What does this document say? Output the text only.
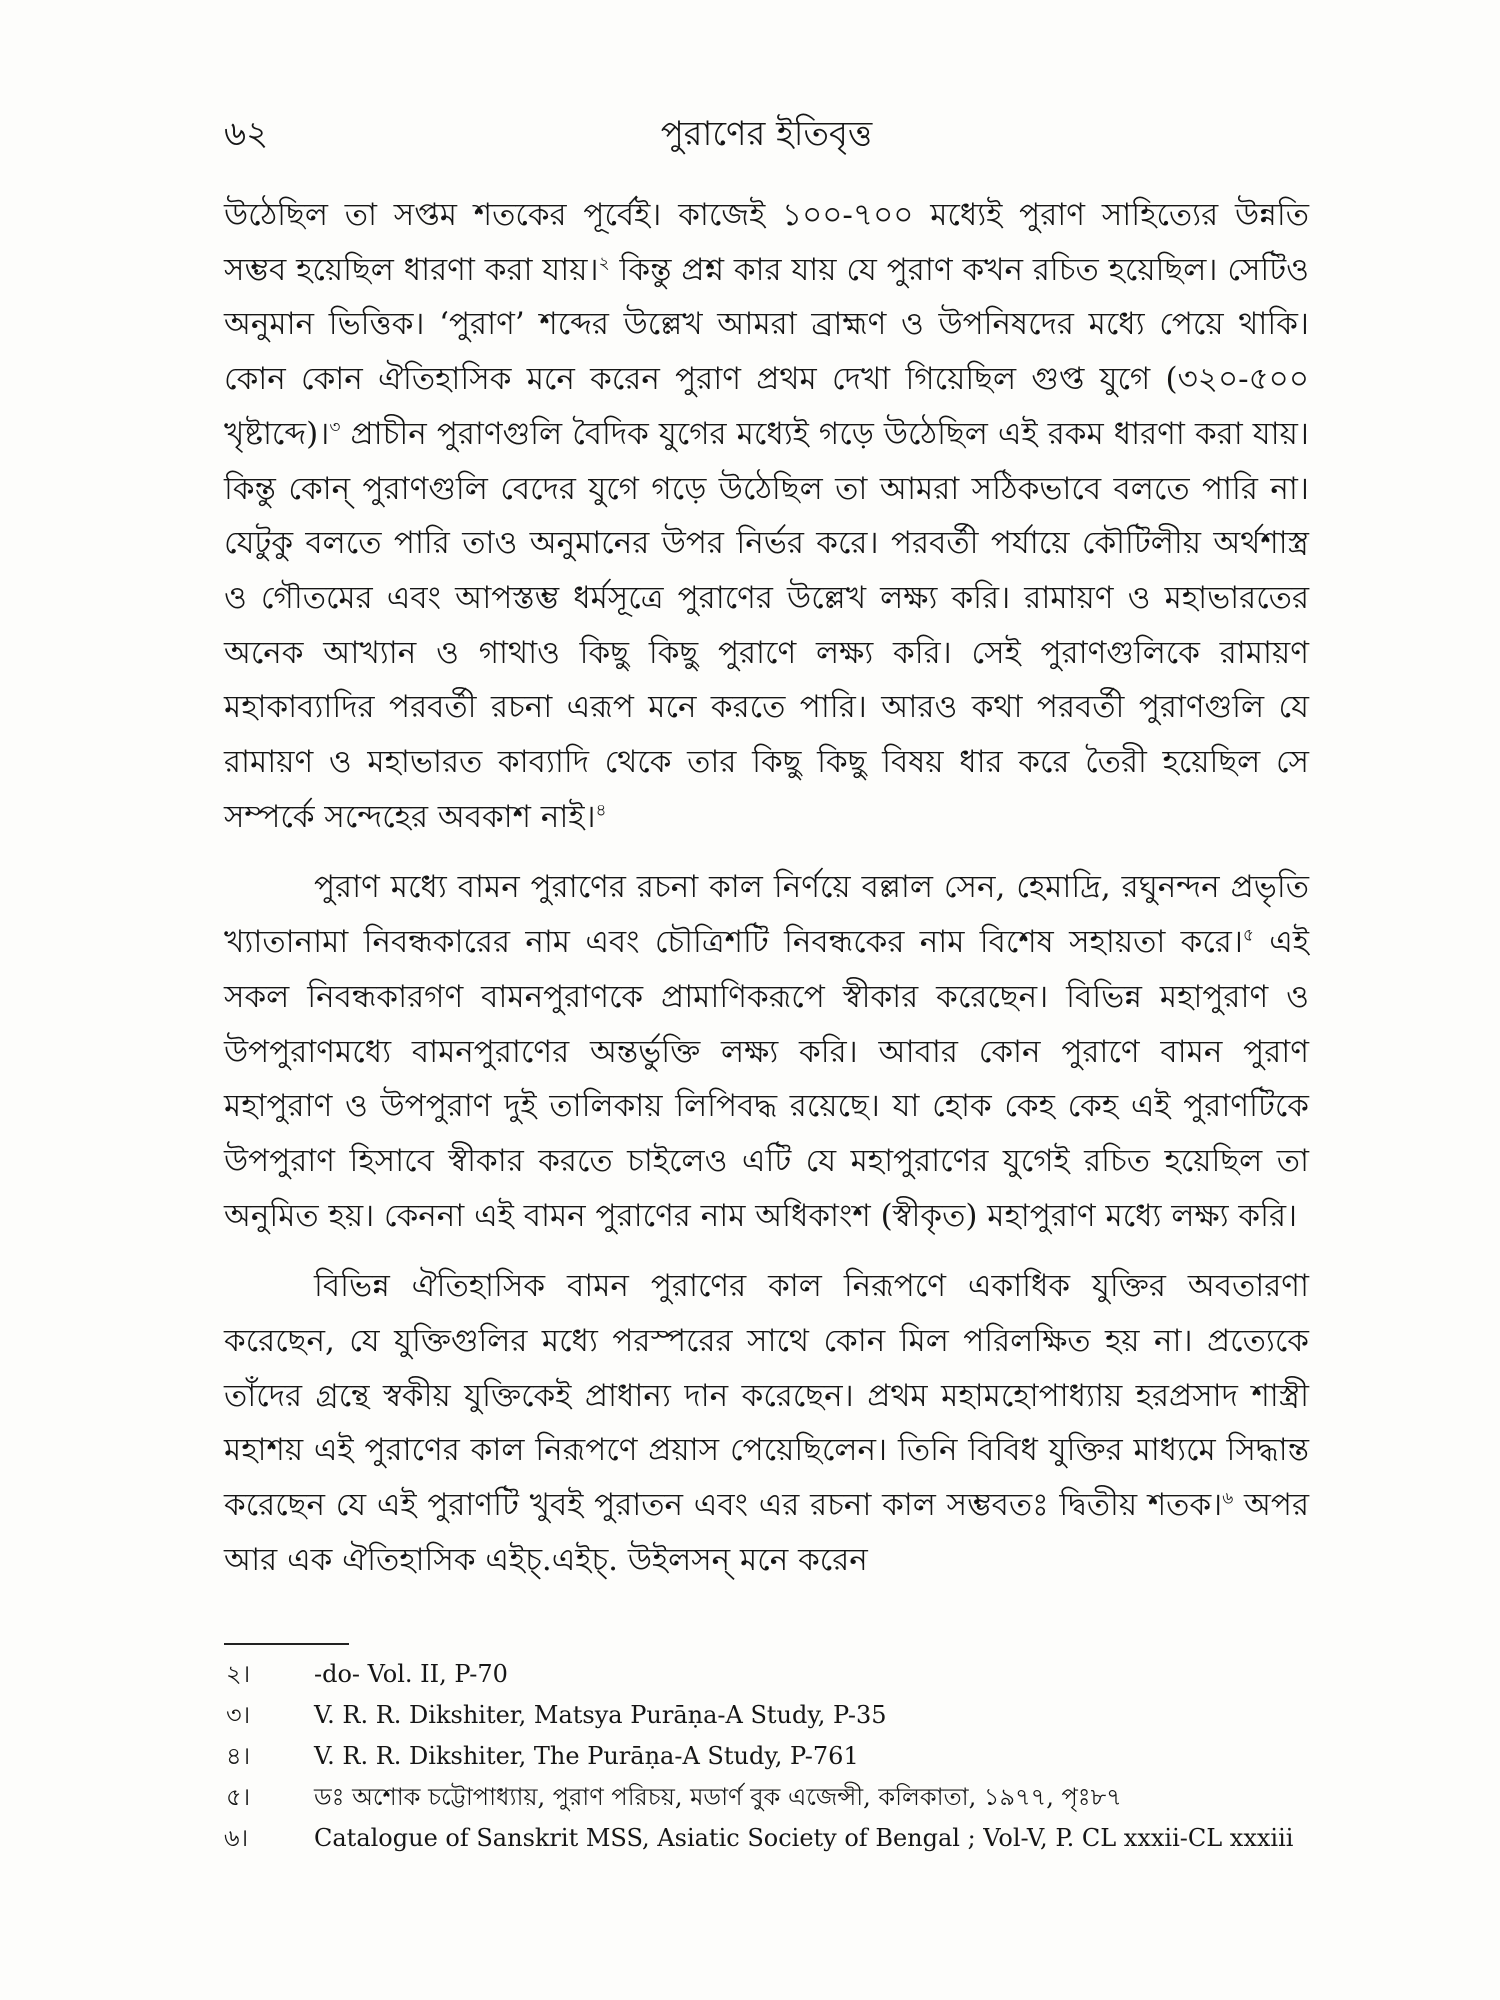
৬২	পুরাণের ইতিবৃত্ত

উঠেছিল তা সপ্তম শতকের পূর্বেই। কাজেই ১০০-৭০০ মধ্যেই পুরাণ সাহিত্যের উন্নতি সম্ভব হয়েছিল ধারণা করা যায়।$^২$ কিন্তু প্রশ্ন কার যায় যে পুরাণ কখন রচিত হয়েছিল। সেটিও অনুমান ভিত্তিক। ‘পুরাণ’ শব্দের উল্লেখ আমরা ব্রাহ্মণ ও উপনিষদের মধ্যে পেয়ে থাকি। কোন কোন ঐতিহাসিক মনে করেন পুরাণ প্রথম দেখা গিয়েছিল গুপ্ত যুগে (৩২০-৫০০ খৃষ্টাব্দে)।$^৩$ প্রাচীন পুরাণগুলি বৈদিক যুগের মধ্যেই গড়ে উঠেছিল এই রকম ধারণা করা যায়। কিন্তু কোন্ পুরাণগুলি বেদের যুগে গড়ে উঠেছিল তা আমরা সঠিকভাবে বলতে পারি না। যেটুকু বলতে পারি তাও অনুমানের উপর নির্ভর করে। পরবর্তী পর্যায়ে কৌটিলীয় অর্থশাস্ত্র ও গৌতমের এবং আপস্তম্ভ ধর্মসূত্রে পুরাণের উল্লেখ লক্ষ্য করি। রামায়ণ ও মহাভারতের অনেক আখ্যান ও গাথাও কিছু কিছু পুরাণে লক্ষ্য করি। সেই পুরাণগুলিকে রামায়ণ মহাকাব্যাদির পরবর্তী রচনা এরূপ মনে করতে পারি। আরও কথা পরবর্তী পুরাণগুলি যে রামায়ণ ও মহাভারত কাব্যাদি থেকে তার কিছু কিছু বিষয় ধার করে তৈরী হয়েছিল সে সম্পর্কে সন্দেহের অবকাশ নাই।$^৪$

পুরাণ মধ্যে বামন পুরাণের রচনা কাল নির্ণয়ে বল্লাল সেন, হেমাদ্রি, রঘুনন্দন প্রভৃতি খ্যাতানামা নিবন্ধকারের নাম এবং চৌত্রিশটি নিবন্ধকের নাম বিশেষ সহায়তা করে।$^৫$ এই সকল নিবন্ধকারগণ বামনপুরাণকে প্রামাণিকরূপে স্বীকার করেছেন। বিভিন্ন মহাপুরাণ ও উপপুরাণমধ্যে বামনপুরাণের অন্তর্ভুক্তি লক্ষ্য করি। আবার কোন পুরাণে বামন পুরাণ মহাপুরাণ ও উপপুরাণ দুই তালিকায় লিপিবদ্ধ রয়েছে। যা হোক কেহ কেহ এই পুরাণটিকে উপপুরাণ হিসাবে স্বীকার করতে চাইলেও এটি যে মহাপুরাণের যুগেই রচিত হয়েছিল তা অনুমিত হয়। কেননা এই বামন পুরাণের নাম অধিকাংশ (স্বীকৃত) মহাপুরাণ মধ্যে লক্ষ্য করি।

বিভিন্ন ঐতিহাসিক বামন পুরাণের কাল নিরূপণে একাধিক যুক্তির অবতারণা করেছেন, যে যুক্তিগুলির মধ্যে পরস্পরের সাথে কোন মিল পরিলক্ষিত হয় না। প্রত্যেকে তাঁদের গ্রন্থে স্বকীয় যুক্তিকেই প্রাধান্য দান করেছেন। প্রথম মহামহোপাধ্যায় হরপ্রসাদ শাস্ত্রী মহাশয় এই পুরাণের কাল নিরূপণে প্রয়াস পেয়েছিলেন। তিনি বিবিধ যুক্তির মাধ্যমে সিদ্ধান্ত করেছেন যে এই পুরাণটি খুবই পুরাতন এবং এর রচনা কাল সম্ভবতঃ দ্বিতীয় শতক।$^৬$ অপর আর এক ঐতিহাসিক এইচ্.এইচ্. উইলসন্ মনে করেন

২।	-do- Vol. II, P-70
৩।	V. R. R. Dikshiter, Matsya Purāṇa-A Study, P-35
৪।	V. R. R. Dikshiter, The Purāṇa-A Study, P-761
৫।	ডঃ অশোক চট্টোপাধ্যায়, পুরাণ পরিচয়, মডার্ণ বুক এজেন্সী, কলিকাতা, ১৯৭৭, পৃঃ৮৭
৬।	Catalogue of Sanskrit MSS, Asiatic Society of Bengal ; Vol-V, P. CL xxxii-CL xxxiii
